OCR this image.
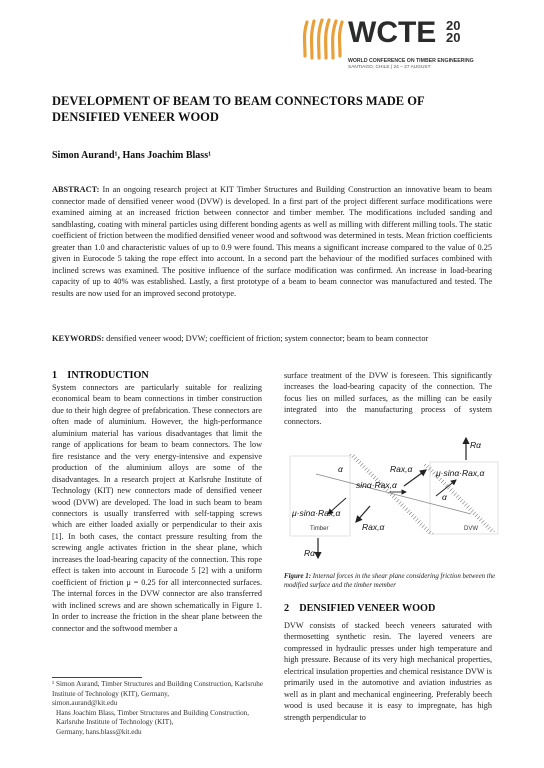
WCTE 20
20
WORLD CONFERENCE ON TIMBER ENGINEERING
SANTIAGO, CHILE | 24 – 27 AUGUST
DEVELOPMENT OF BEAM TO BEAM CONNECTORS MADE OF DENSIFIED VENEER WOOD
Simon Aurand¹, Hans Joachim Blass¹
ABSTRACT: In an ongoing research project at KIT Timber Structures and Building Construction an innovative beam to beam connector made of densified veneer wood (DVW) is developed. In a first part of the project different surface modifications were examined aiming at an increased friction between connector and timber member. The modifications included sanding and sandblasting, coating with mineral particles using different bonding agents as well as milling with different milling tools. The static coefficient of friction between the modified densified veneer wood and softwood was determined in tests. Mean friction coefficients greater than 1.0 and characteristic values of up to 0.9 were found. This means a significant increase compared to the value of 0.25 given in Eurocode 5 taking the rope effect into account. In a second part the behaviour of the modified surfaces combined with inclined screws was examined. The positive influence of the surface modification was confirmed. An increase in load-bearing capacity of up to 40% was established. Lastly, a first prototype of a beam to beam connector was manufactured and tested. The results are now used for an improved second prototype.
KEYWORDS: densified veneer wood; DVW; coefficient of friction; system connector; beam to beam connector
1 INTRODUCTION
System connectors are particularly suitable for realizing economical beam to beam connections in timber construction due to their high degree of prefabrication. These connectors are often made of aluminium. However, the high-performance aluminium material has various disadvantages that limit the range of applications for beam to beam connectors. The low fire resistance and the very energy-intensive and expensive production of the aluminium alloys are some of the disadvantages. In a research project at Karlsruhe Institute of Technology (KIT) new connectors made of densified veneer wood (DVW) are developed. The load in such beam to beam connectors is usually transferred with self-tapping screws which are either loaded axially or perpendicular to their axis [1]. In both cases, the contact pressure resulting from the screwing angle activates friction in the shear plane, which increases the load-bearing capacity of the connection. This rope effect is taken into account in Eurocode 5 [2] with a uniform coefficient of friction μ = 0.25 for all interconnected surfaces. The internal forces in the DVW connector are also transferred with inclined screws and are shown schematically in Figure 1. In order to increase the friction in the shear plane between the connector and the softwood member a
¹ Simon Aurand, Timber Structures and Building Construction, Karlsruhe Institute of Technology (KIT), Germany,
simon.aurand@kit.edu
Hans Joachim Blass, Timber Structures and Building Construction, Karlsruhe Institute of Technology (KIT),
Germany, hans.blass@kit.edu
surface treatment of the DVW is foreseen. This significantly increases the load-bearing capacity of the connection. The focus lies on milled surfaces, as the milling can be easily integrated into the manufacturing process of system connectors.
Rα
Rax,α
sinα·Rax,α
μ·sinα·Rax,α
μ·sinα·Rax,α
Rax,α
Rα
α
α
Timber	DVW
Figure 1: Internal forces in the shear plane considering friction between the modified surface and the timber member
2 DENSIFIED VENEER WOOD
DVW consists of stacked beech veneers saturated with thermosetting synthetic resin. The layered veneers are compressed in hydraulic presses under high temperature and high pressure. Because of its very high mechanical properties, electrical insulation properties and chemical resistance DVW is primarily used in the automotive and aviation industries as well as in plant and mechanical engineering. Preferably beech wood is used because it is easy to impregnate, has high strength perpendicular to
